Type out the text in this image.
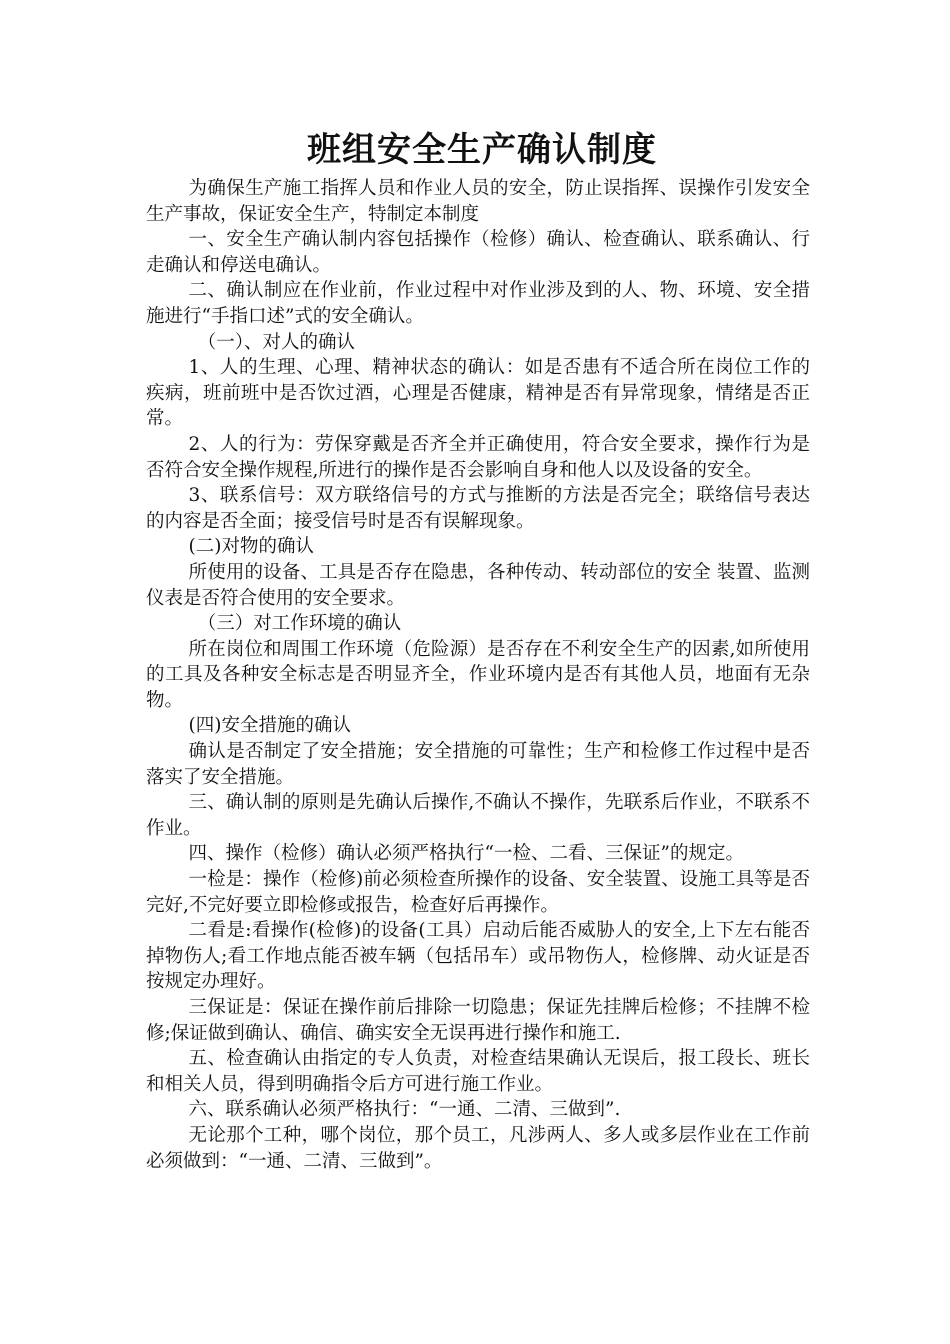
班组安全生产确认制度

为确保生产施工指挥人员和作业人员的安全，防止误指挥、误操作引发安全生产事故，保证安全生产，特制定本制度

一、安全生产确认制内容包括操作（检修）确认、检查确认、联系确认、行走确认和停送电确认。

二、确认制应在作业前，作业过程中对作业涉及到的人、物、环境、安全措施进行“手指口述”式的安全确认。

（一）、对人的确认

1、人的生理、心理、精神状态的确认：如是否患有不适合所在岗位工作的疾病，班前班中是否饮过酒，心理是否健康，精神是否有异常现象，情绪是否正常。

2、人的行为：劳保穿戴是否齐全并正确使用，符合安全要求，操作行为是否符合安全操作规程,所进行的操作是否会影响自身和他人以及设备的安全。

3、联系信号：双方联络信号的方式与推断的方法是否完全；联络信号表达的内容是否全面；接受信号时是否有误解现象。

(二)对物的确认

所使用的设备、工具是否存在隐患，各种传动、转动部位的安全 装置、监测仪表是否符合使用的安全要求。

（三）对工作环境的确认

所在岗位和周围工作环境（危险源）是否存在不利安全生产的因素,如所使用的工具及各种安全标志是否明显齐全，作业环境内是否有其他人员，地面有无杂物。

(四)安全措施的确认

确认是否制定了安全措施；安全措施的可靠性；生产和检修工作过程中是否落实了安全措施。

三、确认制的原则是先确认后操作,不确认不操作，先联系后作业，不联系不作业。

四、操作（检修）确认必须严格执行“一检、二看、三保证”的规定。

一检是：操作（检修)前必须检查所操作的设备、安全装置、设施工具等是否完好,不完好要立即检修或报告，检查好后再操作。

二看是:看操作(检修)的设备(工具）启动后能否威胁人的安全,上下左右能否掉物伤人;看工作地点能否被车辆（包括吊车）或吊物伤人，检修牌、动火证是否按规定办理好。

三保证是：保证在操作前后排除一切隐患；保证先挂牌后检修；不挂牌不检修;保证做到确认、确信、确实安全无误再进行操作和施工.

五、检查确认由指定的专人负责，对检查结果确认无误后，报工段长、班长和相关人员，得到明确指令后方可进行施工作业。

六、联系确认必须严格执行：“一通、二清、三做到”.

无论那个工种，哪个岗位，那个员工，凡涉两人、多人或多层作业在工作前必须做到：“一通、二清、三做到”。
